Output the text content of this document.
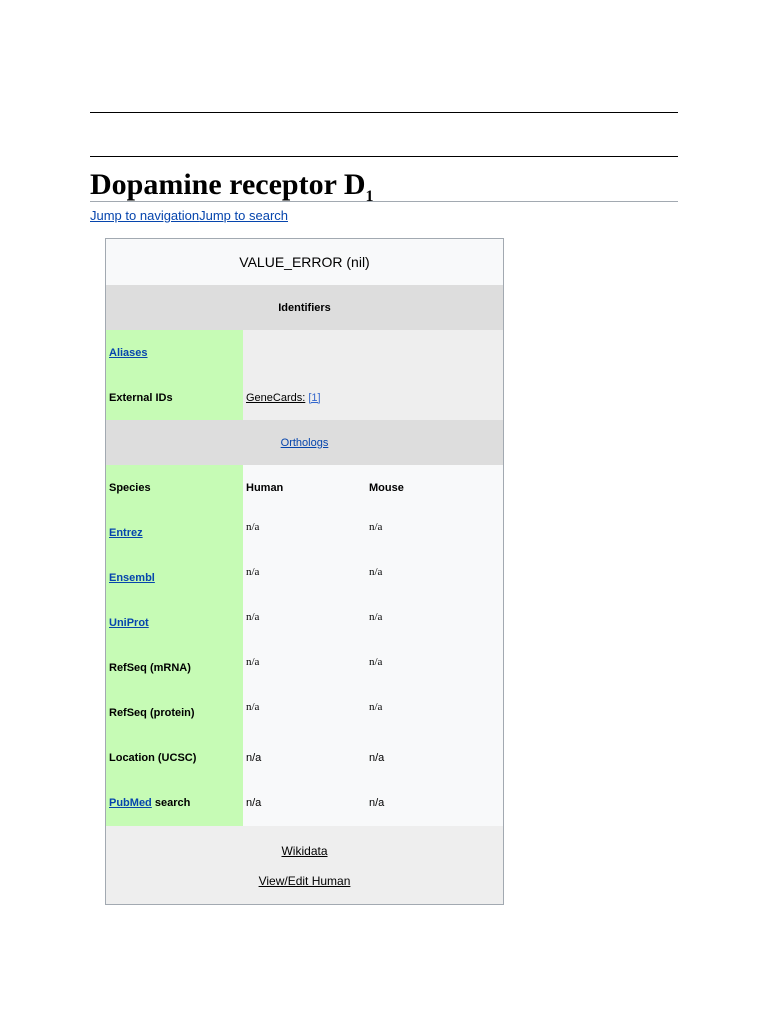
Dopamine receptor $D_1$
Jump to navigationJump to search
VALUE_ERROR (nil)
Identifiers
Aliases
External IDs	GeneCards:
[1]
Orthologs
Species	Human	Mouse
Entrez	n/a	n/a
Ensembl	n/a	n/a
UniProt	n/a	n/a
RefSeq (mRNA)	n/a	n/a
RefSeq (protein)	n/a	n/a
Location (UCSC)	n/a	n/a
PubMed search	n/a	n/a
Wikidata
View/Edit Human
